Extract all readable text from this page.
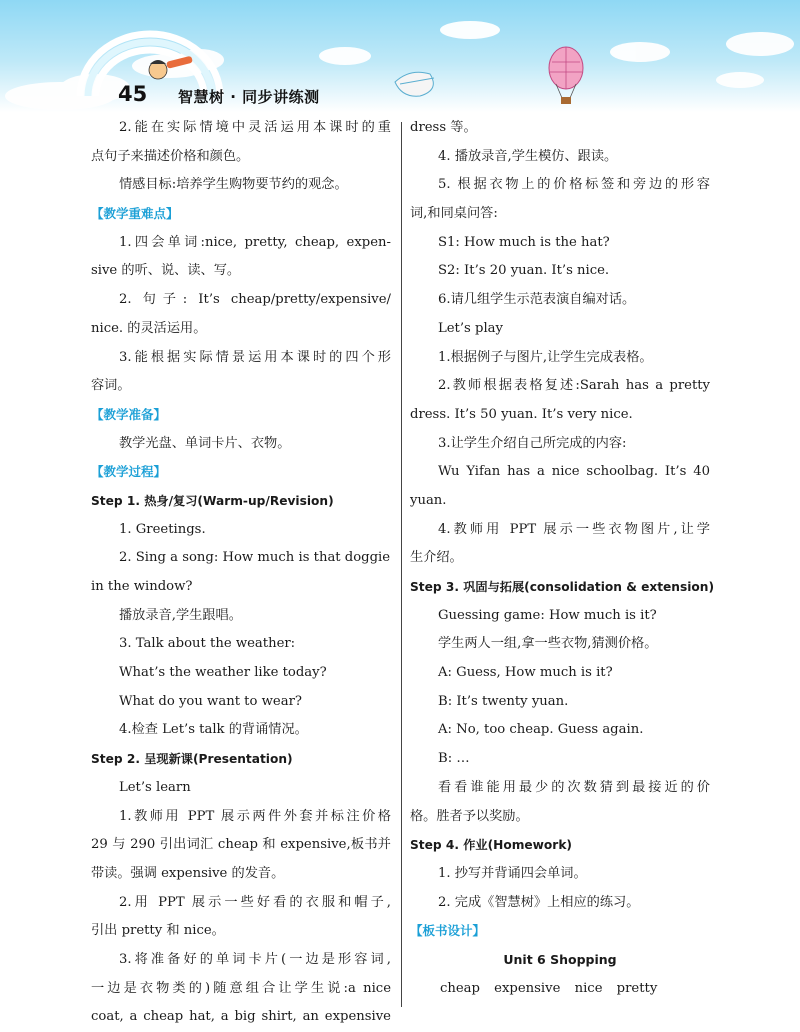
45 智慧树 · 同步讲练测
2.能在实际情境中灵活运用本课时的重
点句子来描述价格和颜色。
情感目标:培养学生购物要节约的观念。
【教学重难点】
1.四会单词:nice, pretty, cheap, expen-
sive 的听、说、读、写。
2. 句子: It’s cheap/pretty/expensive/
nice. 的灵活运用。
3.能根据实际情景运用本课时的四个形
容词。
【教学准备】
教学光盘、单词卡片、衣物。
【教学过程】
Step 1. 热身/复习(Warm-up/Revision)
1. Greetings.
2. Sing a song: How much is that doggie
in the window?
播放录音,学生跟唱。
3. Talk about the weather:
What’s the weather like today?
What do you want to wear?
4.检查 Let’s talk 的背诵情况。
Step 2. 呈现新课(Presentation)
Let’s learn
1.教师用 PPT 展示两件外套并标注价格
29 与 290 引出词汇 cheap 和 expensive,板书并
带读。强调 expensive 的发音。
2.用 PPT 展示一些好看的衣服和帽子,
引出 pretty 和 nice。
3.将准备好的单词卡片(一边是形容词,
一边是衣物类的)随意组合让学生说:a nice
coat, a cheap hat, a big shirt, an expensive
dress 等。
4. 播放录音,学生模仿、跟读。
5. 根据衣物上的价格标签和旁边的形容
词,和同桌问答:
S1: How much is the hat?
S2: It’s 20 yuan. It’s nice.
6.请几组学生示范表演自编对话。
Let’s play
1.根据例子与图片,让学生完成表格。
2.教师根据表格复述:Sarah has a pretty
dress. It’s 50 yuan. It’s very nice.
3.让学生介绍自己所完成的内容:
Wu Yifan has a nice schoolbag. It’s 40
yuan.
4.教师用 PPT 展示一些衣物图片,让学
生介绍。
Step 3. 巩固与拓展(consolidation & extension)
Guessing game: How much is it?
学生两人一组,拿一些衣物,猜测价格。
A: Guess, How much is it?
B: It’s twenty yuan.
A: No, too cheap. Guess again.
B: …
看看谁能用最少的次数猜到最接近的价
格。胜者予以奖励。
Step 4. 作业(Homework)
1. 抄写并背诵四会单词。
2. 完成《智慧树》上相应的练习。
【板书设计】
Unit 6 Shopping
cheap expensive nice pretty
